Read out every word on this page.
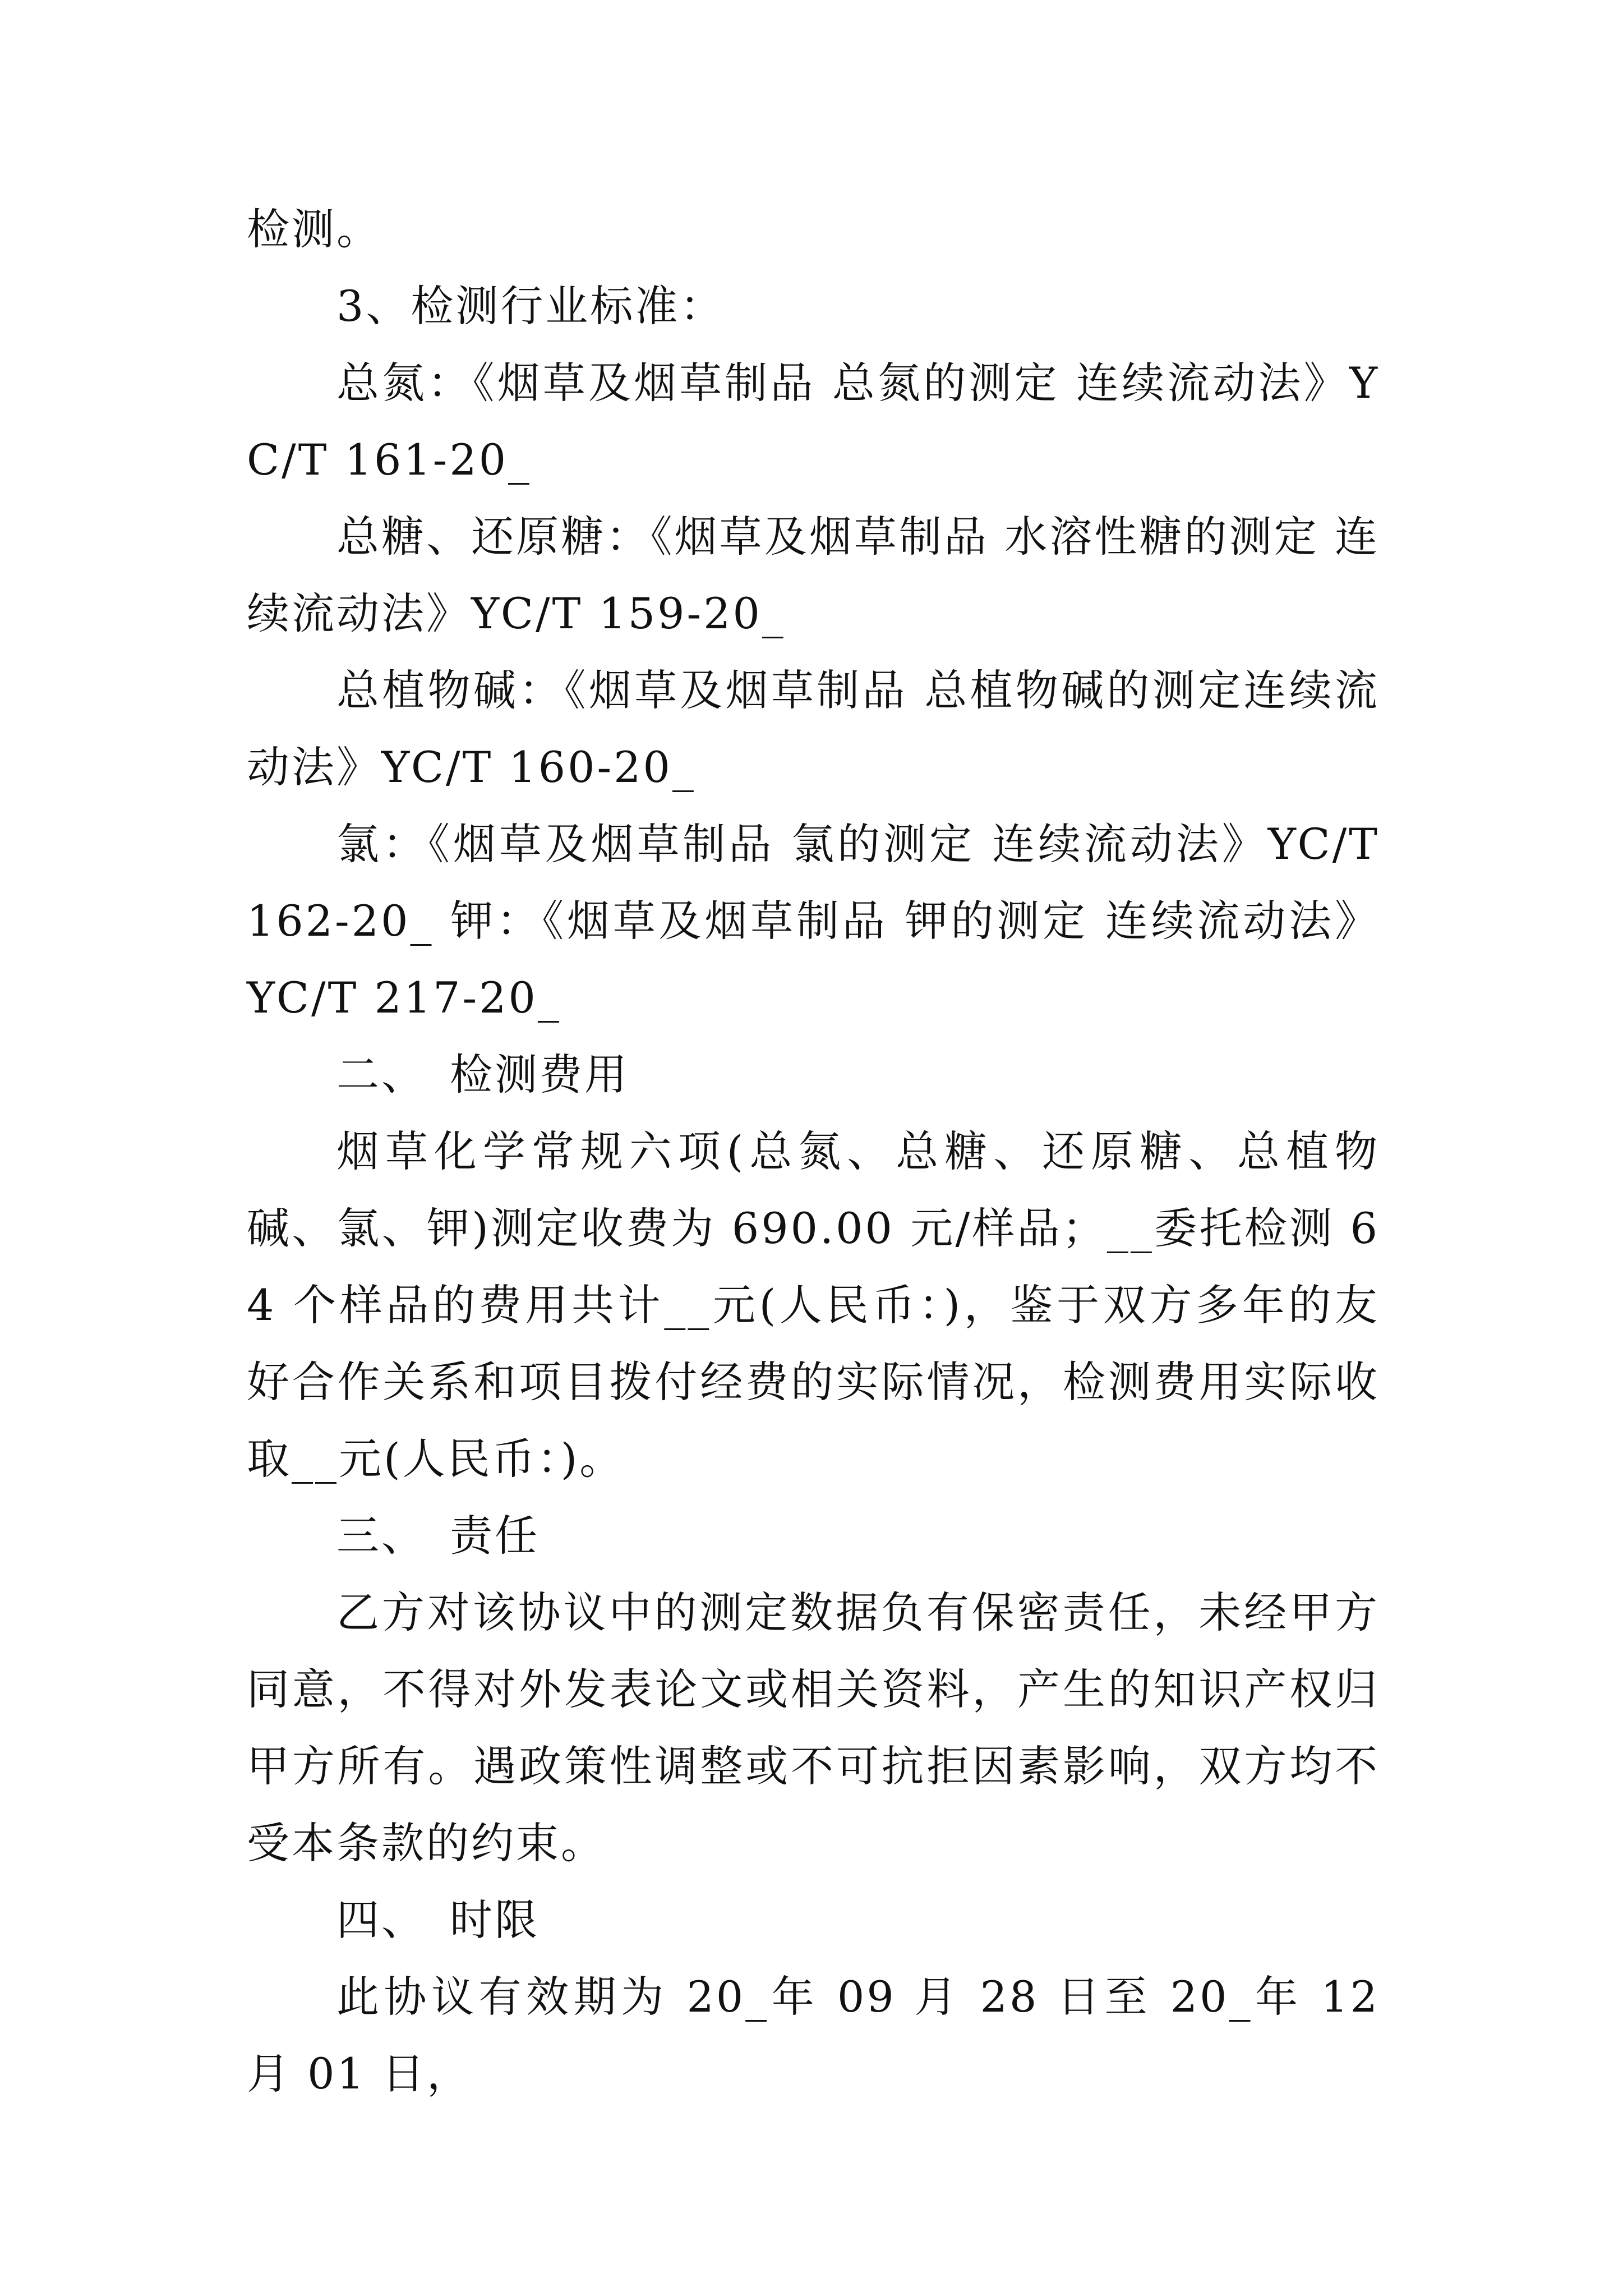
检测。

3、检测行业标准：

总氮：《烟草及烟草制品 总氮的测定 连续流动法》YC/T 161-20_

总糖、还原糖：《烟草及烟草制品 水溶性糖的测定 连续流动法》YC/T 159-20_

总植物碱：《烟草及烟草制品 总植物碱的测定连续流动法》YC/T 160-20_

氯：《烟草及烟草制品 氯的测定 连续流动法》YC/T 162-20_ 钾：《烟草及烟草制品 钾的测定 连续流动法》YC/T 217-20_

二、　检测费用

烟草化学常规六项(总氮、总糖、还原糖、总植物碱、氯、钾)测定收费为 690.00 元/样品；__委托检测 64 个样品的费用共计__元(人民币：)，鉴于双方多年的友好合作关系和项目拨付经费的实际情况，检测费用实际收取__元(人民币：)。

三、　责任

乙方对该协议中的测定数据负有保密责任，未经甲方同意，不得对外发表论文或相关资料，产生的知识产权归甲方所有。遇政策性调整或不可抗拒因素影响，双方均不受本条款的约束。

四、　时限

此协议有效期为 20_年 09 月 28 日至 20_年 12 月 01 日，
